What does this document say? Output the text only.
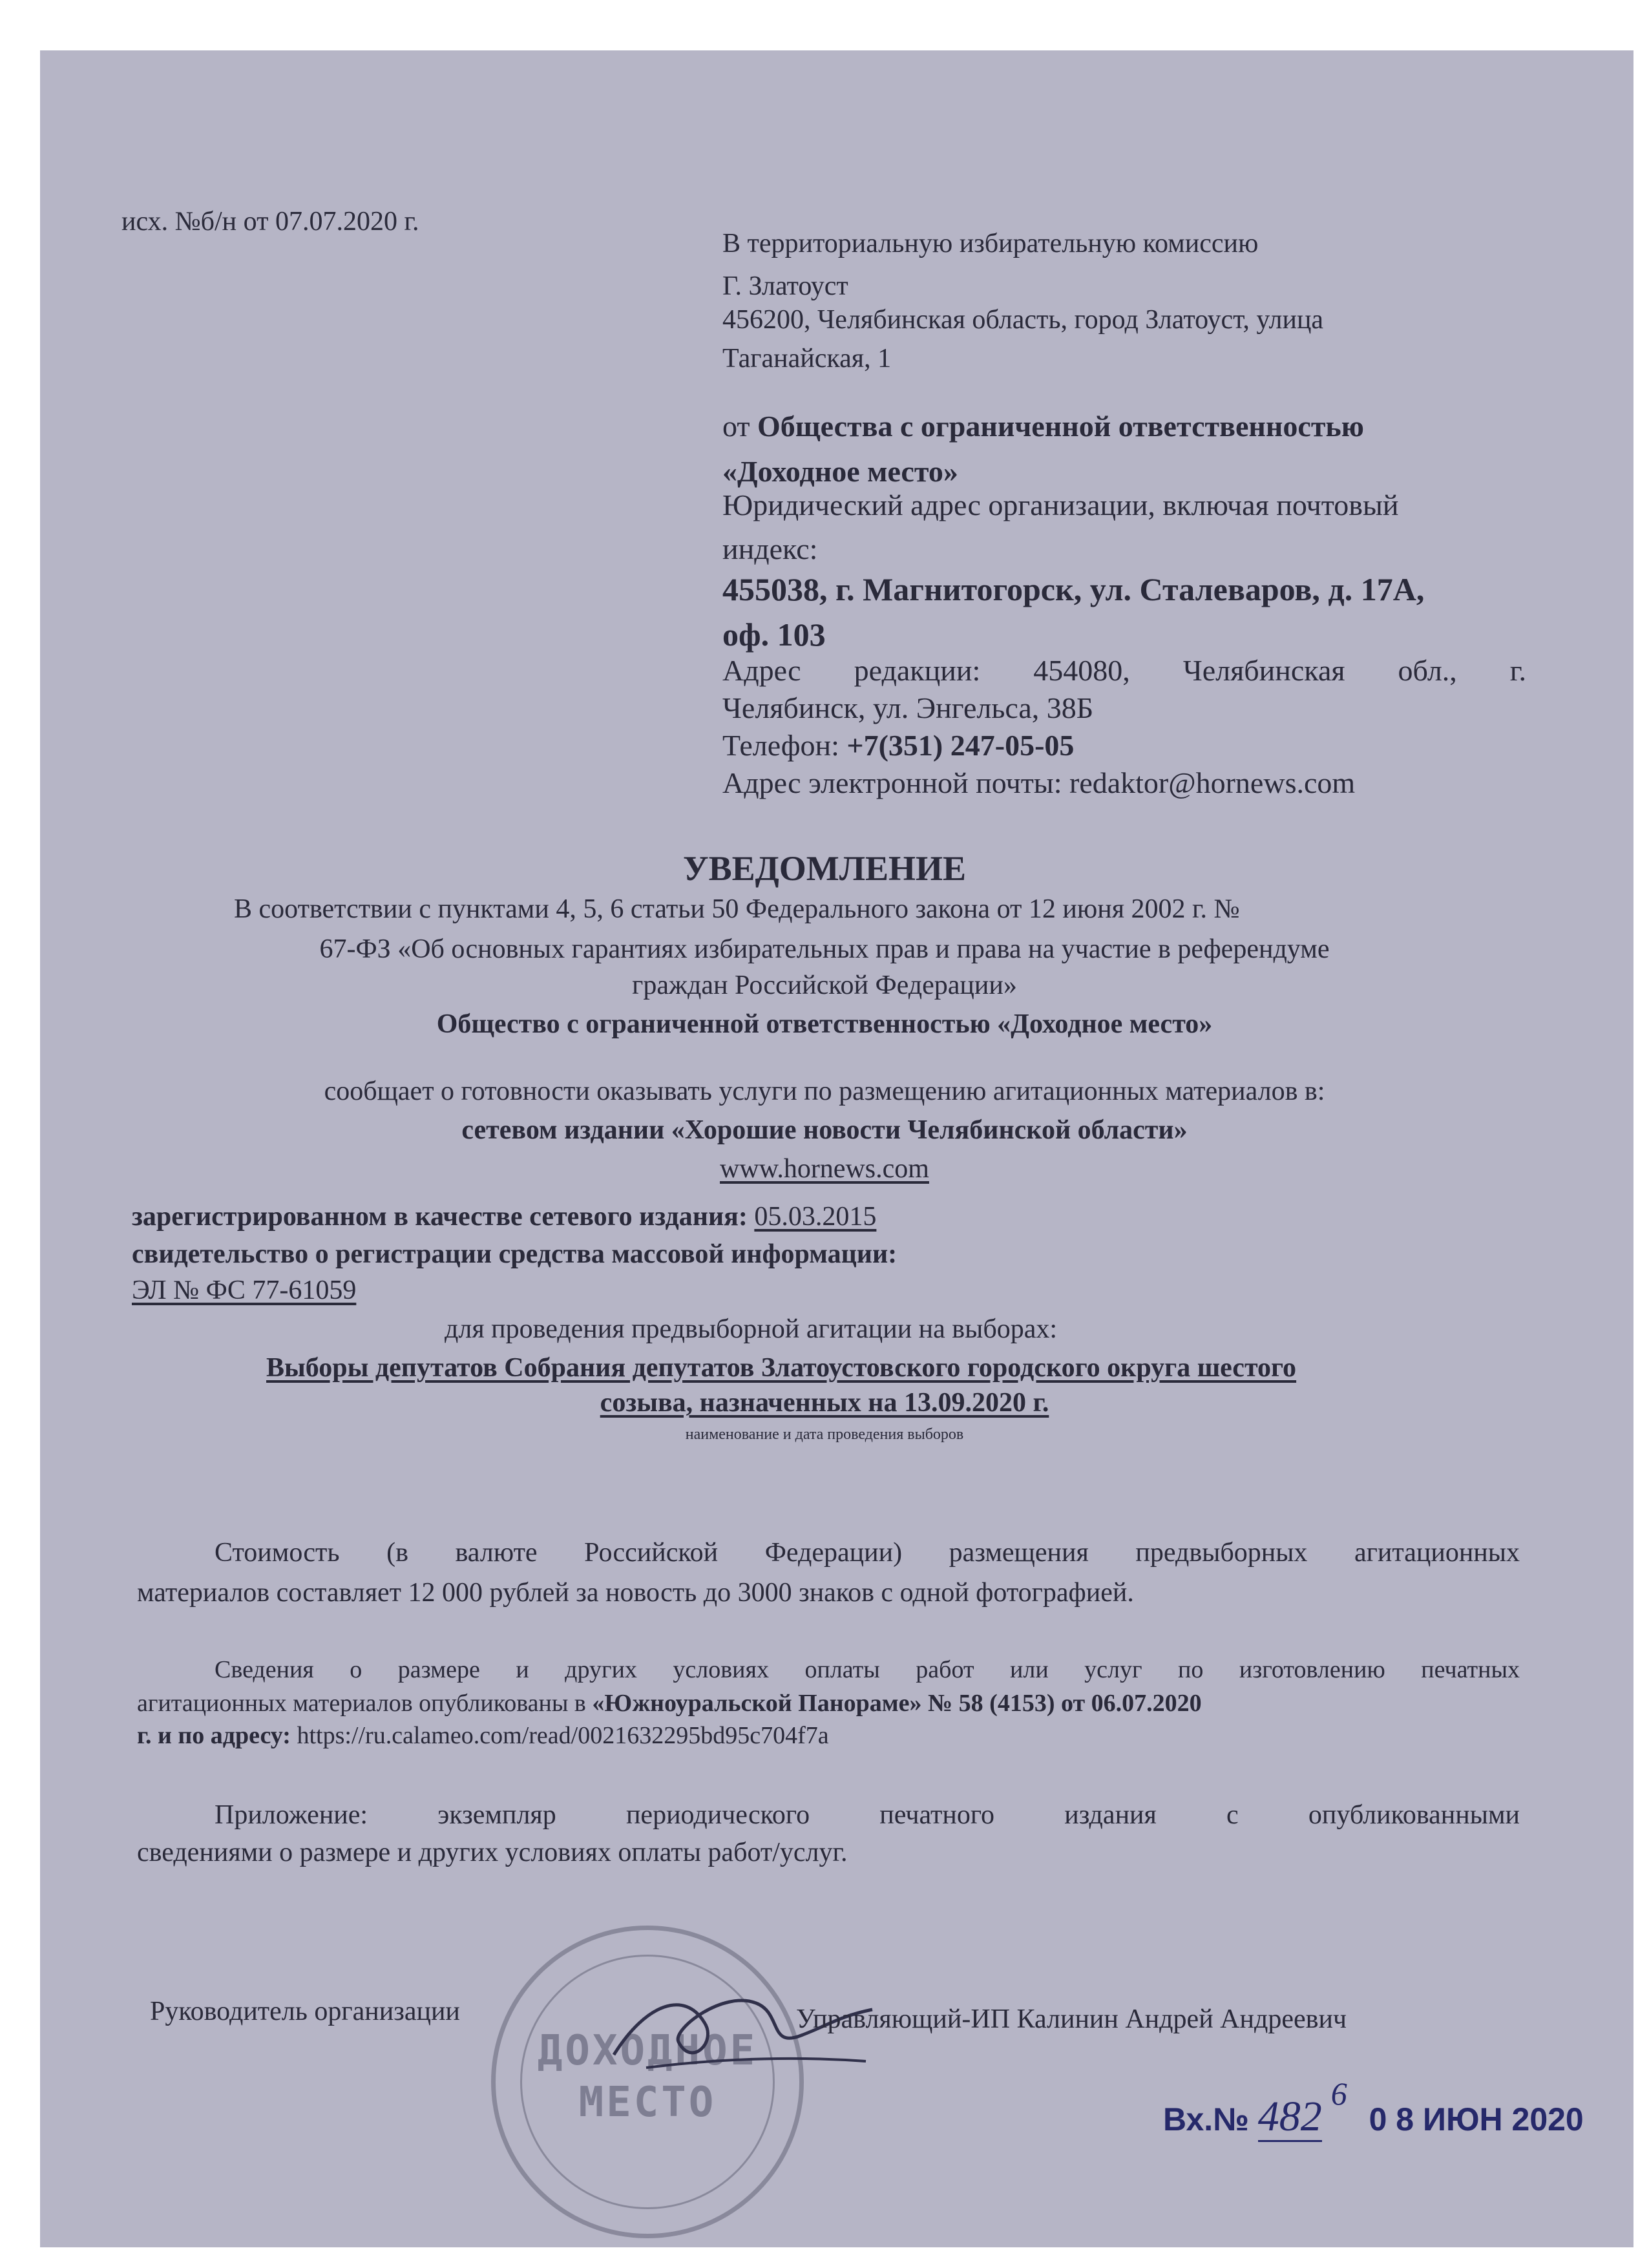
исх. №б/н от 07.07.2020 г.
В территориальную избирательную комиссию
Г. Златоуст
456200, Челябинская область, город Златоуст, улица
Таганайская, 1
от Общества с ограниченной ответственностью
«Доходное место»
Юридический адрес организации, включая почтовый
индекс:
455038, г. Магнитогорск, ул. Сталеваров, д. 17А,
оф. 103
Адрес редакции: 454080, Челябинская обл., г.
Челябинск, ул. Энгельса, 38Б
Телефон: +7(351) 247-05-05
Адрес электронной почты: redaktor@hornews.com
УВЕДОМЛЕНИЕ
В соответствии с пунктами 4, 5, 6 статьи 50 Федерального закона от 12 июня 2002 г. №
67-ФЗ «Об основных гарантиях избирательных прав и права на участие в референдуме
граждан Российской Федерации»
Общество с ограниченной ответственностью «Доходное место»
сообщает о готовности оказывать услуги по размещению агитационных материалов в:
сетевом издании «Хорошие новости Челябинской области»
www.hornews.com
зарегистрированном в качестве сетевого издания: 05.03.2015
свидетельство о регистрации средства массовой информации:
ЭЛ № ФС 77-61059
для проведения предвыборной агитации на выборах:
Выборы депутатов Собрания депутатов Златоустовского городского округа шестого
созыва, назначенных на 13.09.2020 г.
наименование и дата проведения выборов
Стоимость (в валюте Российской Федерации) размещения предвыборных агитационных
материалов составляет 12 000 рублей за новость до 3000 знаков с одной фотографией.
Сведения о размере и других условиях оплаты работ или услуг по изготовлению печатных
агитационных материалов опубликованы в «Южноуральской Панораме» № 58 (4153) от 06.07.2020
г. и по адресу: https://ru.calameo.com/read/0021632295bd95c704f7a
Приложение: экземпляр периодического печатного издания с опубликованными
сведениями о размере и других условиях оплаты работ/услуг.
ДОХОДНОЕ
МЕСТО
Руководитель организации	Управляющий-ИП Калинин Андрей Андреевич
Вх.№ 482 6 0 8 ИЮН 2020
